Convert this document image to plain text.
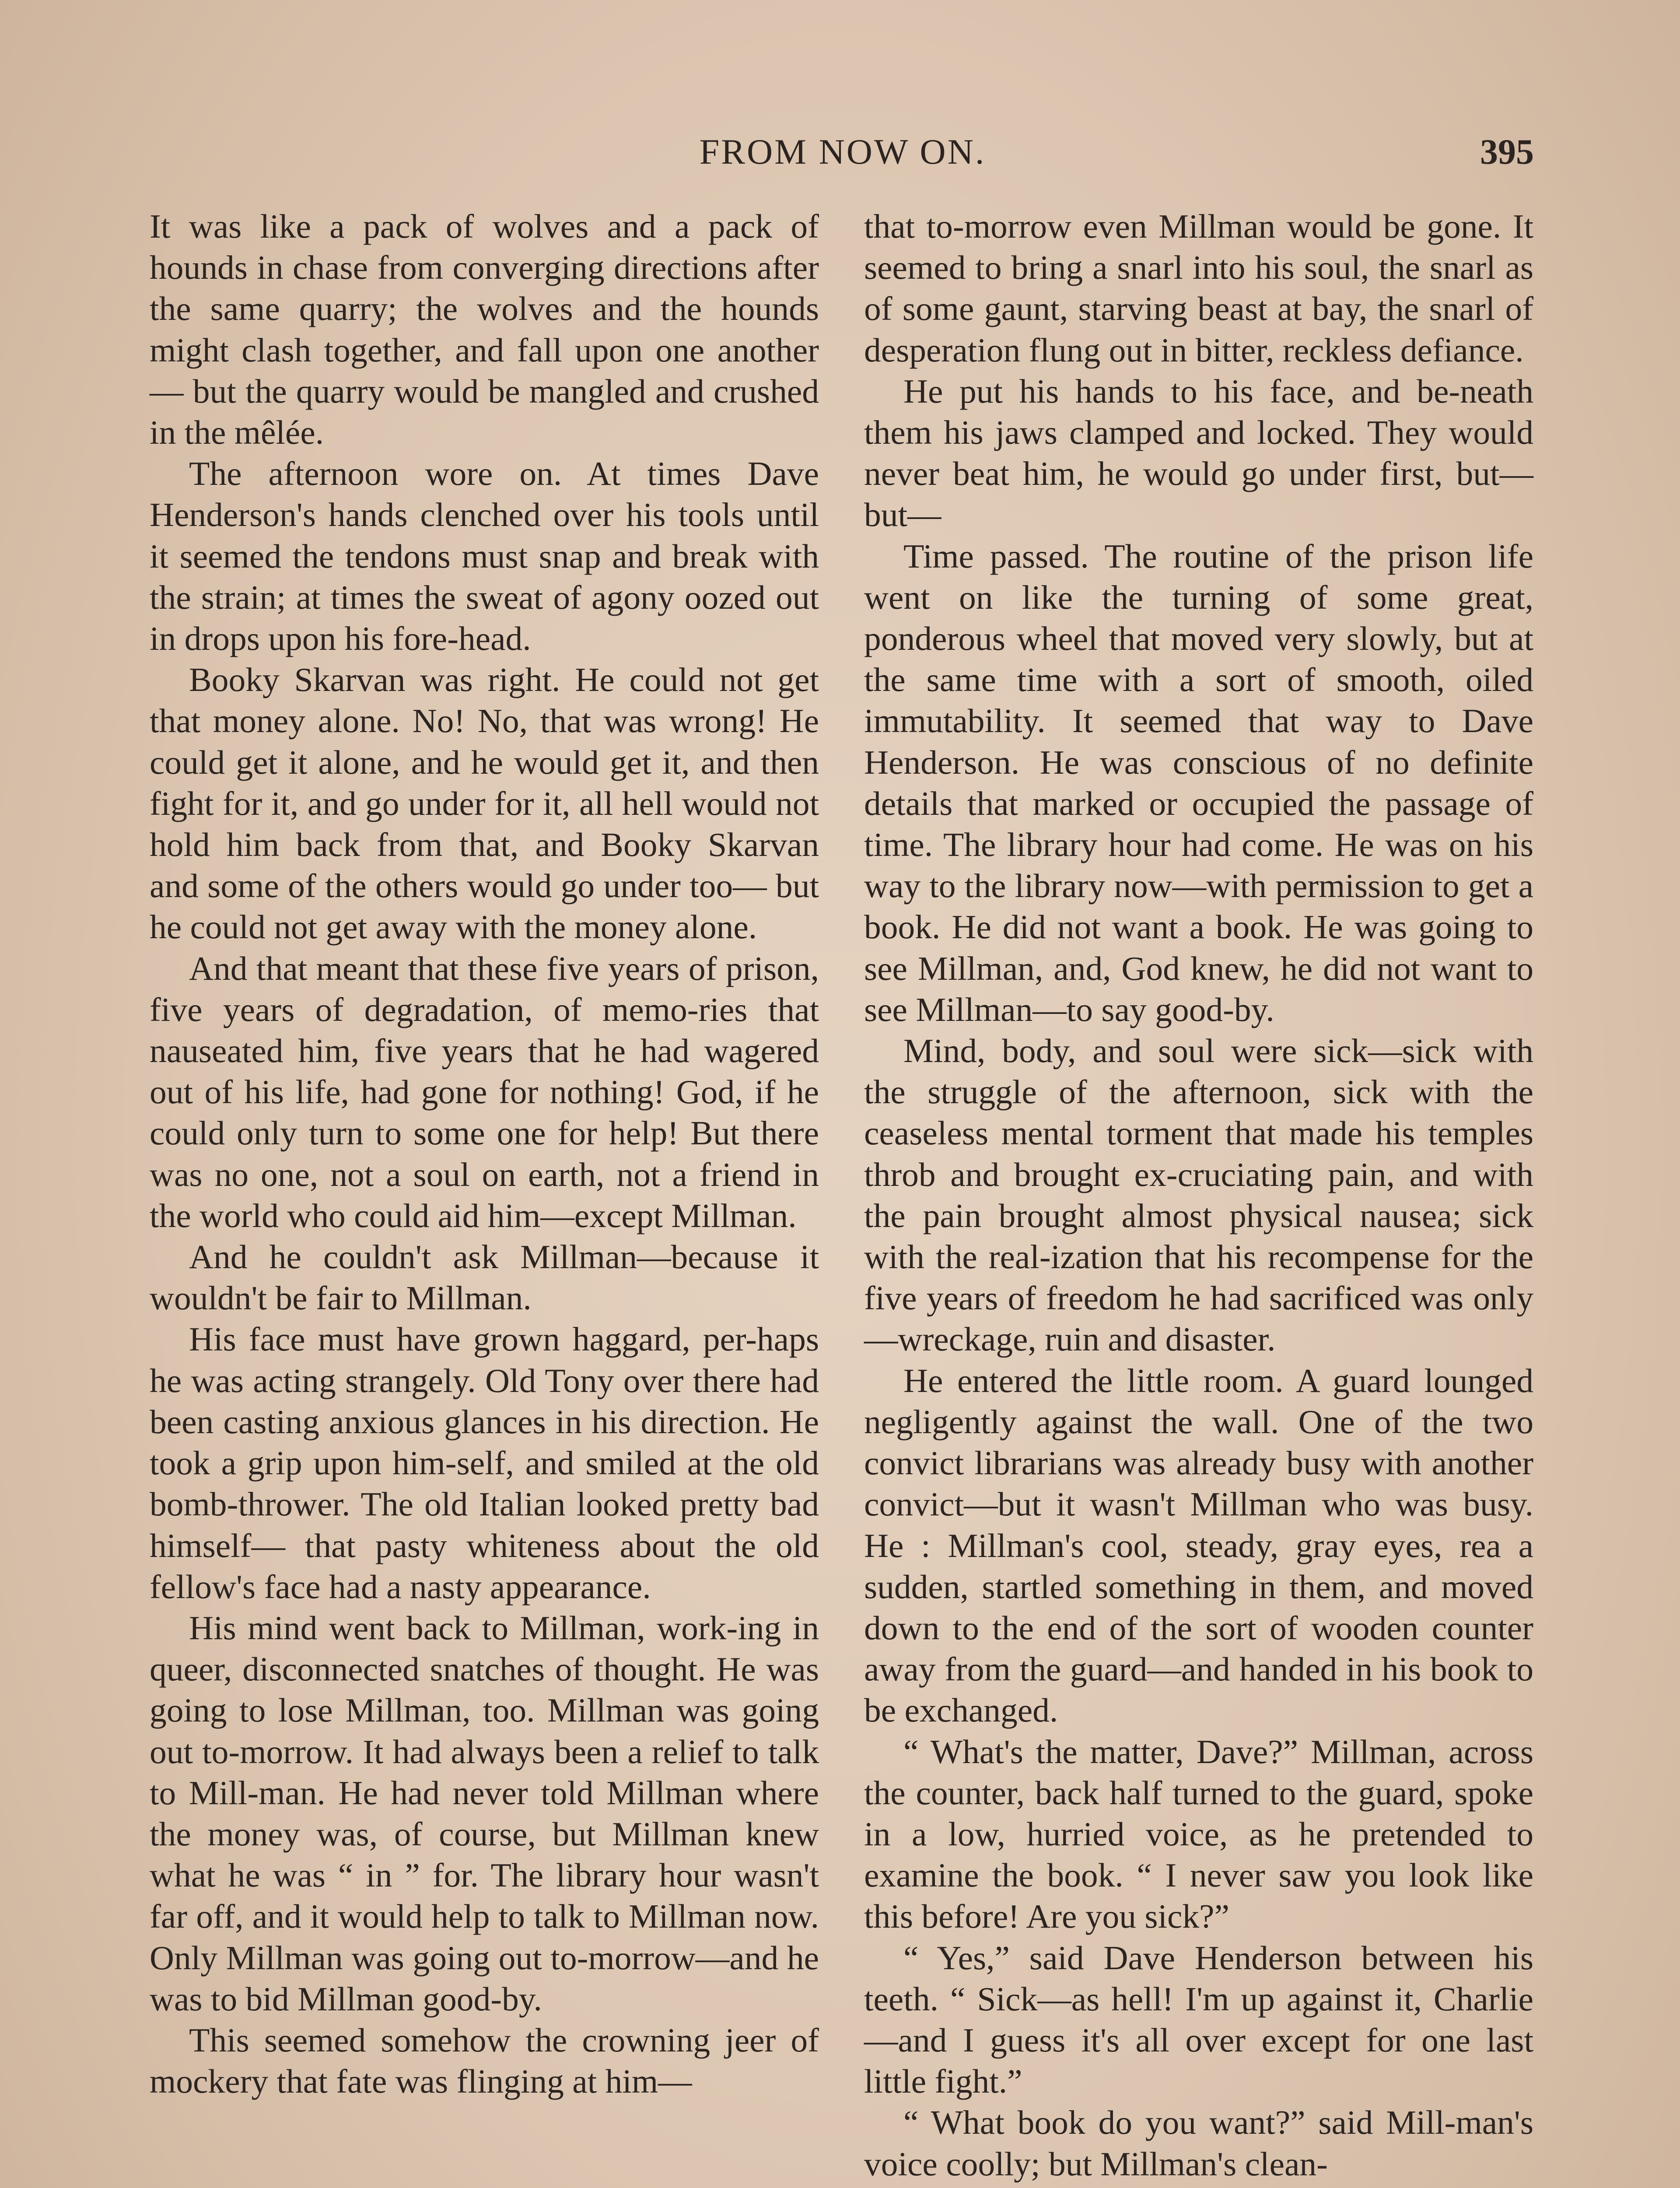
FROM NOW ON.	395

It was like a pack of wolves and a pack of hounds in chase from converging directions after the same quarry; the wolves and the hounds might clash together, and fall upon one another — but the quarry would be mangled and crushed in the mêlée.

The afternoon wore on. At times Dave Henderson's hands clenched over his tools until it seemed the tendons must snap and break with the strain; at times the sweat of agony oozed out in drops upon his fore-head.

Booky Skarvan was right. He could not get that money alone. No! No, that was wrong! He could get it alone, and he would get it, and then fight for it, and go under for it, all hell would not hold him back from that, and Booky Skarvan and some of the others would go under too— but he could not get away with the money alone.

And that meant that these five years of prison, five years of degradation, of memo-ries that nauseated him, five years that he had wagered out of his life, had gone for nothing! God, if he could only turn to some one for help! But there was no one, not a soul on earth, not a friend in the world who could aid him—except Millman.

And he couldn't ask Millman—because it wouldn't be fair to Millman.

His face must have grown haggard, per-haps he was acting strangely. Old Tony over there had been casting anxious glances in his direction. He took a grip upon him-self, and smiled at the old bomb-thrower. The old Italian looked pretty bad himself— that pasty whiteness about the old fellow's face had a nasty appearance.

His mind went back to Millman, work-ing in queer, disconnected snatches of thought. He was going to lose Millman, too. Millman was going out to-morrow. It had always been a relief to talk to Mill-man. He had never told Millman where the money was, of course, but Millman knew what he was “ in ” for. The library hour wasn't far off, and it would help to talk to Millman now. Only Millman was going out to-morrow—and he was to bid Millman good-by.

This seemed somehow the crowning jeer of mockery that fate was flinging at him—

that to-morrow even Millman would be gone. It seemed to bring a snarl into his soul, the snarl as of some gaunt, starving beast at bay, the snarl of desperation flung out in bitter, reckless defiance.

He put his hands to his face, and be-neath them his jaws clamped and locked. They would never beat him, he would go under first, but—but—

Time passed. The routine of the prison life went on like the turning of some great, ponderous wheel that moved very slowly, but at the same time with a sort of smooth, oiled immutability. It seemed that way to Dave Henderson. He was conscious of no definite details that marked or occupied the passage of time. The library hour had come. He was on his way to the library now—with permission to get a book. He did not want a book. He was going to see Millman, and, God knew, he did not want to see Millman—to say good-by.

Mind, body, and soul were sick—sick with the struggle of the afternoon, sick with the ceaseless mental torment that made his temples throb and brought ex-cruciating pain, and with the pain brought almost physical nausea; sick with the real-ization that his recompense for the five years of freedom he had sacrificed was only —wreckage, ruin and disaster.

He entered the little room. A guard lounged negligently against the wall. One of the two convict librarians was already busy with another convict—but it wasn't Millman who was busy. He : Millman's cool, steady, gray eyes, rea a sudden, startled something in them, and moved down to the end of the sort of wooden counter away from the guard—and handed in his book to be exchanged.

“ What's the matter, Dave?” Millman, across the counter, back half turned to the guard, spoke in a low, hurried voice, as he pretended to examine the book. “ I never saw you look like this before! Are you sick?”

“ Yes,” said Dave Henderson between his teeth. “ Sick—as hell! I'm up against it, Charlie—and I guess it's all over except for one last little fight.”

“ What book do you want?” said Mill-man's voice coolly; but Millman's clean-
